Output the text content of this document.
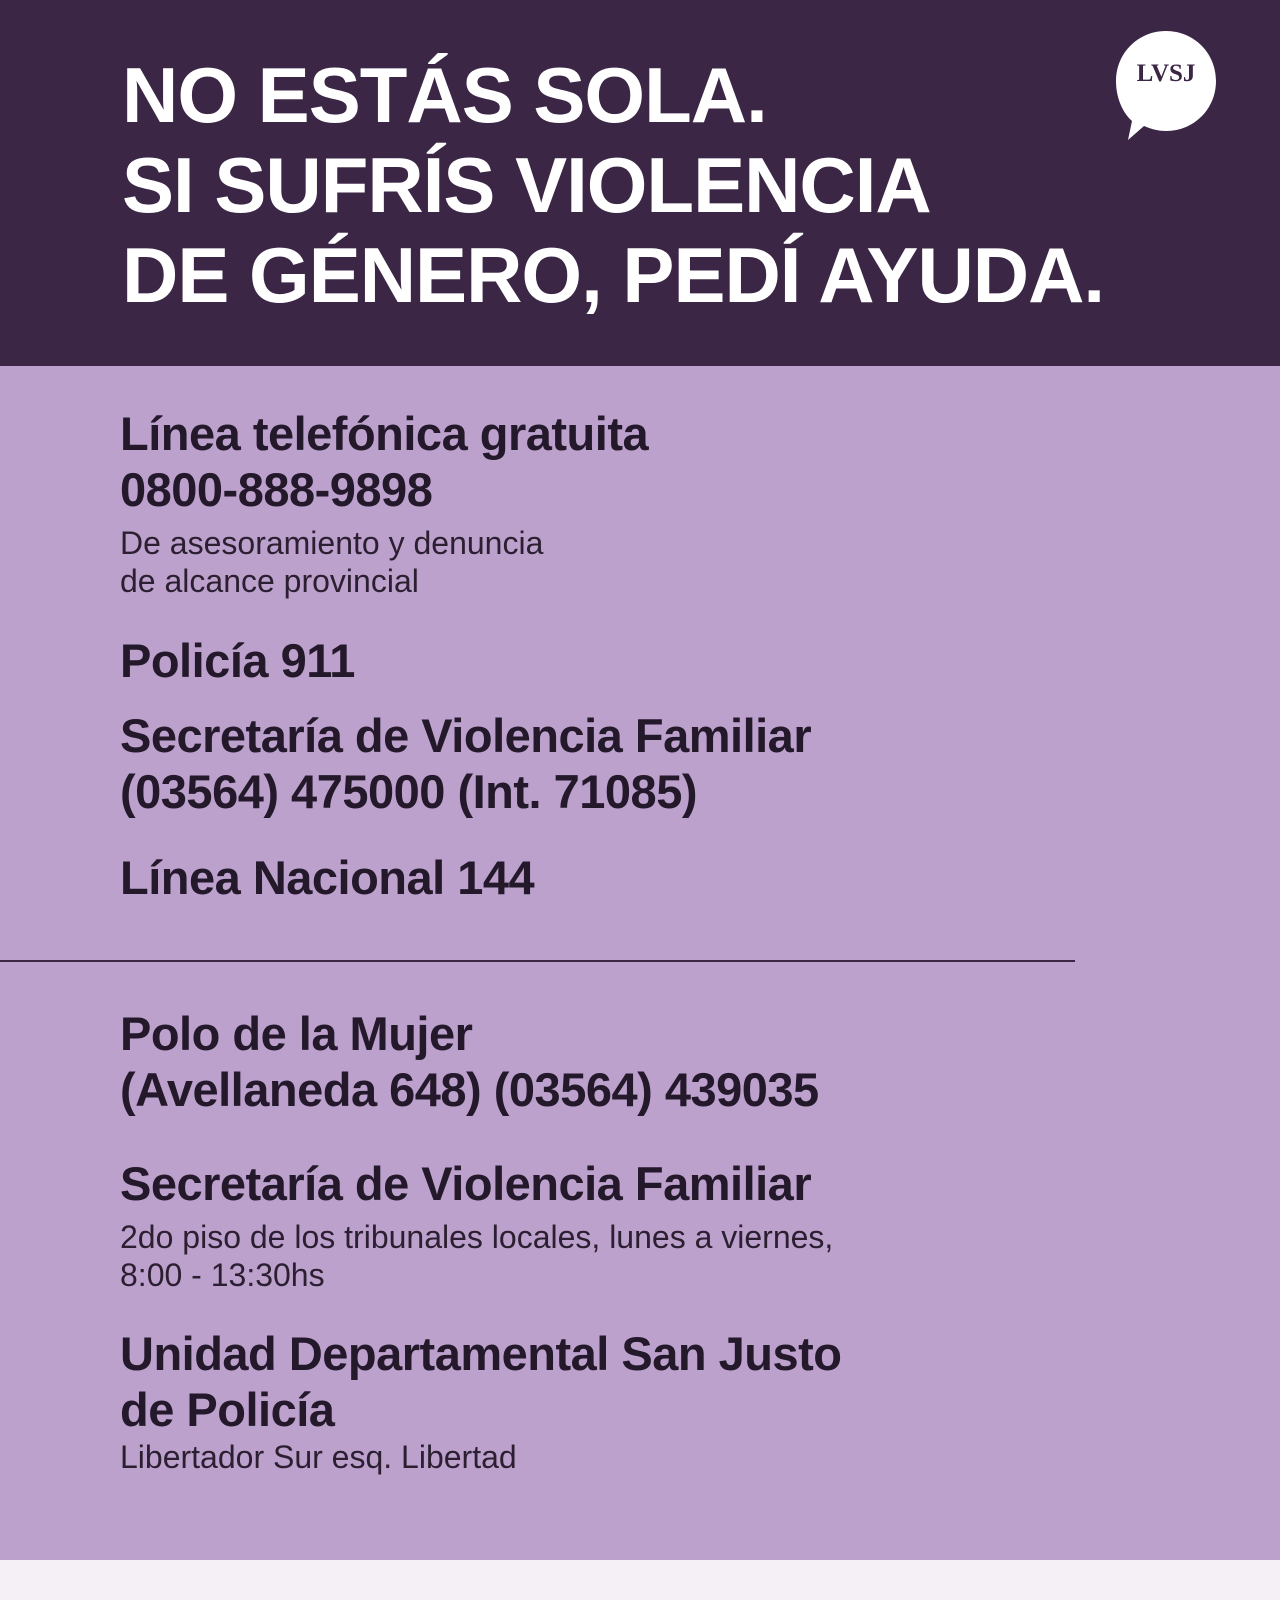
NO ESTÁS SOLA.
SI SUFRÍS VIOLENCIA
DE GÉNERO, PEDÍ AYUDA.
LVSJ
Línea telefónica gratuita
0800-888-9898
De asesoramiento y denuncia
de alcance provincial
Policía 911
Secretaría de Violencia Familiar
(03564) 475000 (Int. 71085)
Línea Nacional 144
Polo de la Mujer
(Avellaneda 648) (03564) 439035
Secretaría de Violencia Familiar
2do piso de los tribunales locales, lunes a viernes,
8:00 - 13:30hs
Unidad Departamental San Justo
de Policía
Libertador Sur esq. Libertad
